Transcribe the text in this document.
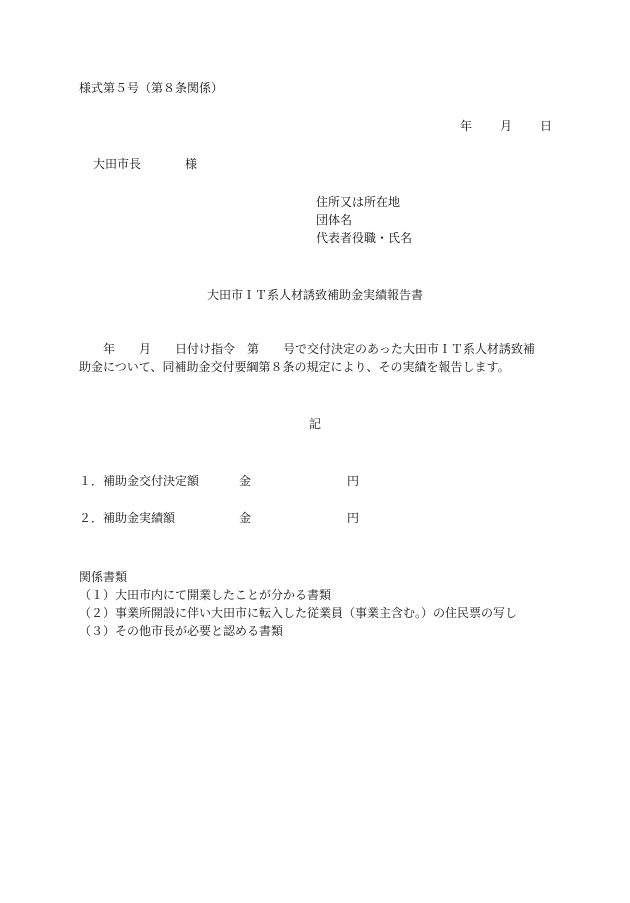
様式第５号（第８条関係）
年 月 日
大田市長	様
住所又は所在地
団体名
代表者役職・氏名
大田市ＩＴ系人材誘致補助金実績報告書
　　年　　月　　日付け指令　第　　号で交付決定のあった大田市ＩＴ系人材誘致補
助金について、同補助金交付要綱第８条の規定により、その実績を報告します。
記
１．補助金交付決定額	金	円
２．補助金実績額	金	円
関係書類
（１）大田市内にて開業したことが分かる書類
（２）事業所開設に伴い大田市に転入した従業員（事業主含む。）の住民票の写し
（３）その他市長が必要と認める書類
